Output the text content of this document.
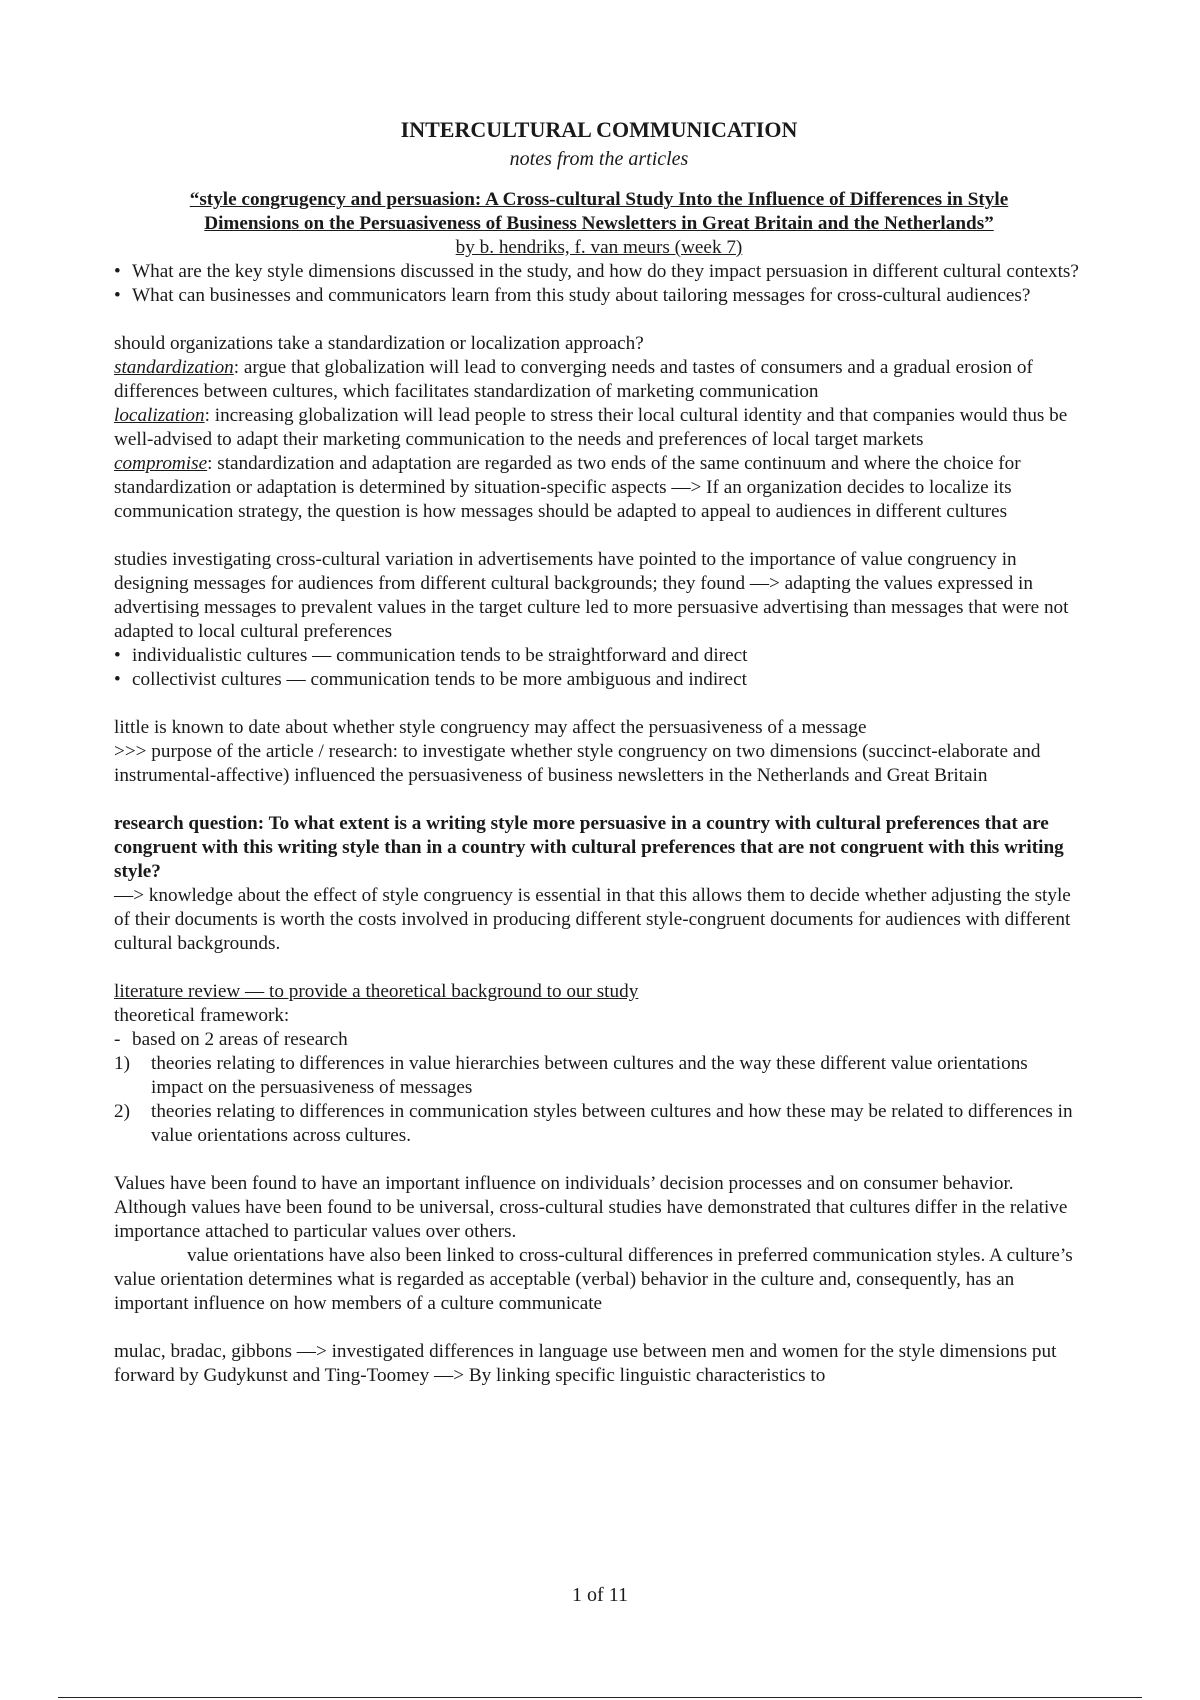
INTERCULTURAL COMMUNICATION
notes from the articles
“style congrugency and persuasion: A Cross-cultural Study Into the Influence of Differences in Style
Dimensions on the Persuasiveness of Business Newsletters in Great Britain and the Netherlands”
by b. hendriks, f. van meurs (week 7)
• What are the key style dimensions discussed in the study, and how do they impact persuasion in different cultural contexts?
• What can businesses and communicators learn from this study about tailoring messages for cross-cultural audiences?
should organizations take a standardization or localization approach?
standardization: argue that globalization will lead to converging needs and tastes of consumers and a gradual erosion of differences between cultures, which facilitates standardization of marketing communication
localization: increasing globalization will lead people to stress their local cultural identity and that companies would thus be well-advised to adapt their marketing communication to the needs and preferences of local target markets
compromise: standardization and adaptation are regarded as two ends of the same continuum and where the choice for standardization or adaptation is determined by situation-specific aspects —> If an organization decides to localize its communication strategy, the question is how messages should be adapted to appeal to audiences in different cultures
studies investigating cross-cultural variation in advertisements have pointed to the importance of value congruency in designing messages for audiences from different cultural backgrounds; they found —> adapting the values expressed in advertising messages to prevalent values in the target culture led to more persuasive advertising than messages that were not adapted to local cultural preferences
• individualistic cultures — communication tends to be straightforward and direct
• collectivist cultures — communication tends to be more ambiguous and indirect
little is known to date about whether style congruency may affect the persuasiveness of a message
>>> purpose of the article / research: to investigate whether style congruency on two dimensions (succinct-elaborate and instrumental-affective) influenced the persuasiveness of business newsletters in the Netherlands and Great Britain
research question: To what extent is a writing style more persuasive in a country with cultural preferences that are congruent with this writing style than in a country with cultural preferences that are not congruent with this writing style?
—> knowledge about the effect of style congruency is essential in that this allows them to decide whether adjusting the style of their documents is worth the costs involved in producing different style-congruent documents for audiences with different cultural backgrounds.
literature review — to provide a theoretical background to our study
theoretical framework:
- based on 2 areas of research
1) theories relating to differences in value hierarchies between cultures and the way these different value orientations impact on the persuasiveness of messages
2) theories relating to differences in communication styles between cultures and how these may be related to differences in value orientations across cultures.
Values have been found to have an important influence on individuals’ decision processes and on consumer behavior. Although values have been found to be universal, cross-cultural studies have demonstrated that cultures differ in the relative importance attached to particular values over others.
value orientations have also been linked to cross-cultural differences in preferred communication styles. A culture’s value orientation determines what is regarded as acceptable (verbal) behavior in the culture and, consequently, has an important influence on how members of a culture communicate
mulac, bradac, gibbons —> investigated differences in language use between men and women for the style dimensions put forward by Gudykunst and Ting-Toomey —> By linking specific linguistic characteristics to
1 of 11
